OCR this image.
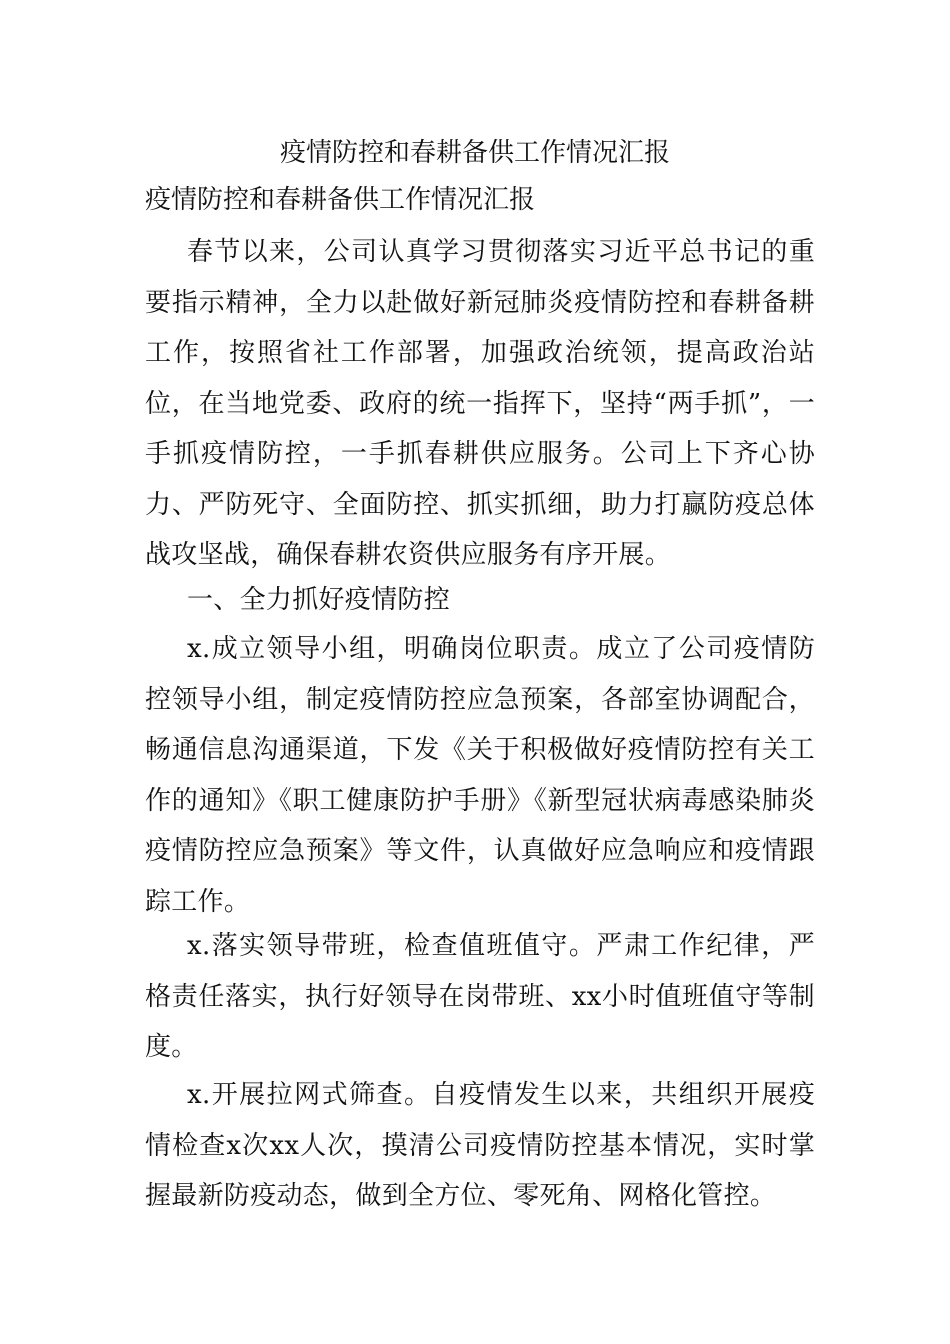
疫情防控和春耕备供工作情况汇报
疫情防控和春耕备供工作情况汇报

春节以来，公司认真学习贯彻落实习近平总书记的重要指示精神，全力以赴做好新冠肺炎疫情防控和春耕备耕工作，按照省社工作部署，加强政治统领，提高政治站位，在当地党委、政府的统一指挥下，坚持“两手抓”，一手抓疫情防控，一手抓春耕供应服务。公司上下齐心协力、严防死守、全面防控、抓实抓细，助力打赢防疫总体战攻坚战，确保春耕农资供应服务有序开展。

一、全力抓好疫情防控

x.成立领导小组，明确岗位职责。成立了公司疫情防控领导小组，制定疫情防控应急预案，各部室协调配合，畅通信息沟通渠道，下发《关于积极做好疫情防控有关工作的通知》《职工健康防护手册》《新型冠状病毒感染肺炎疫情防控应急预案》等文件，认真做好应急响应和疫情跟踪工作。

x.落实领导带班，检查值班值守。严肃工作纪律，严格责任落实，执行好领导在岗带班、xx小时值班值守等制度。

x.开展拉网式筛查。自疫情发生以来，共组织开展疫情检查x次xx人次，摸清公司疫情防控基本情况，实时掌握最新防疫动态，做到全方位、零死角、网格化管控。
